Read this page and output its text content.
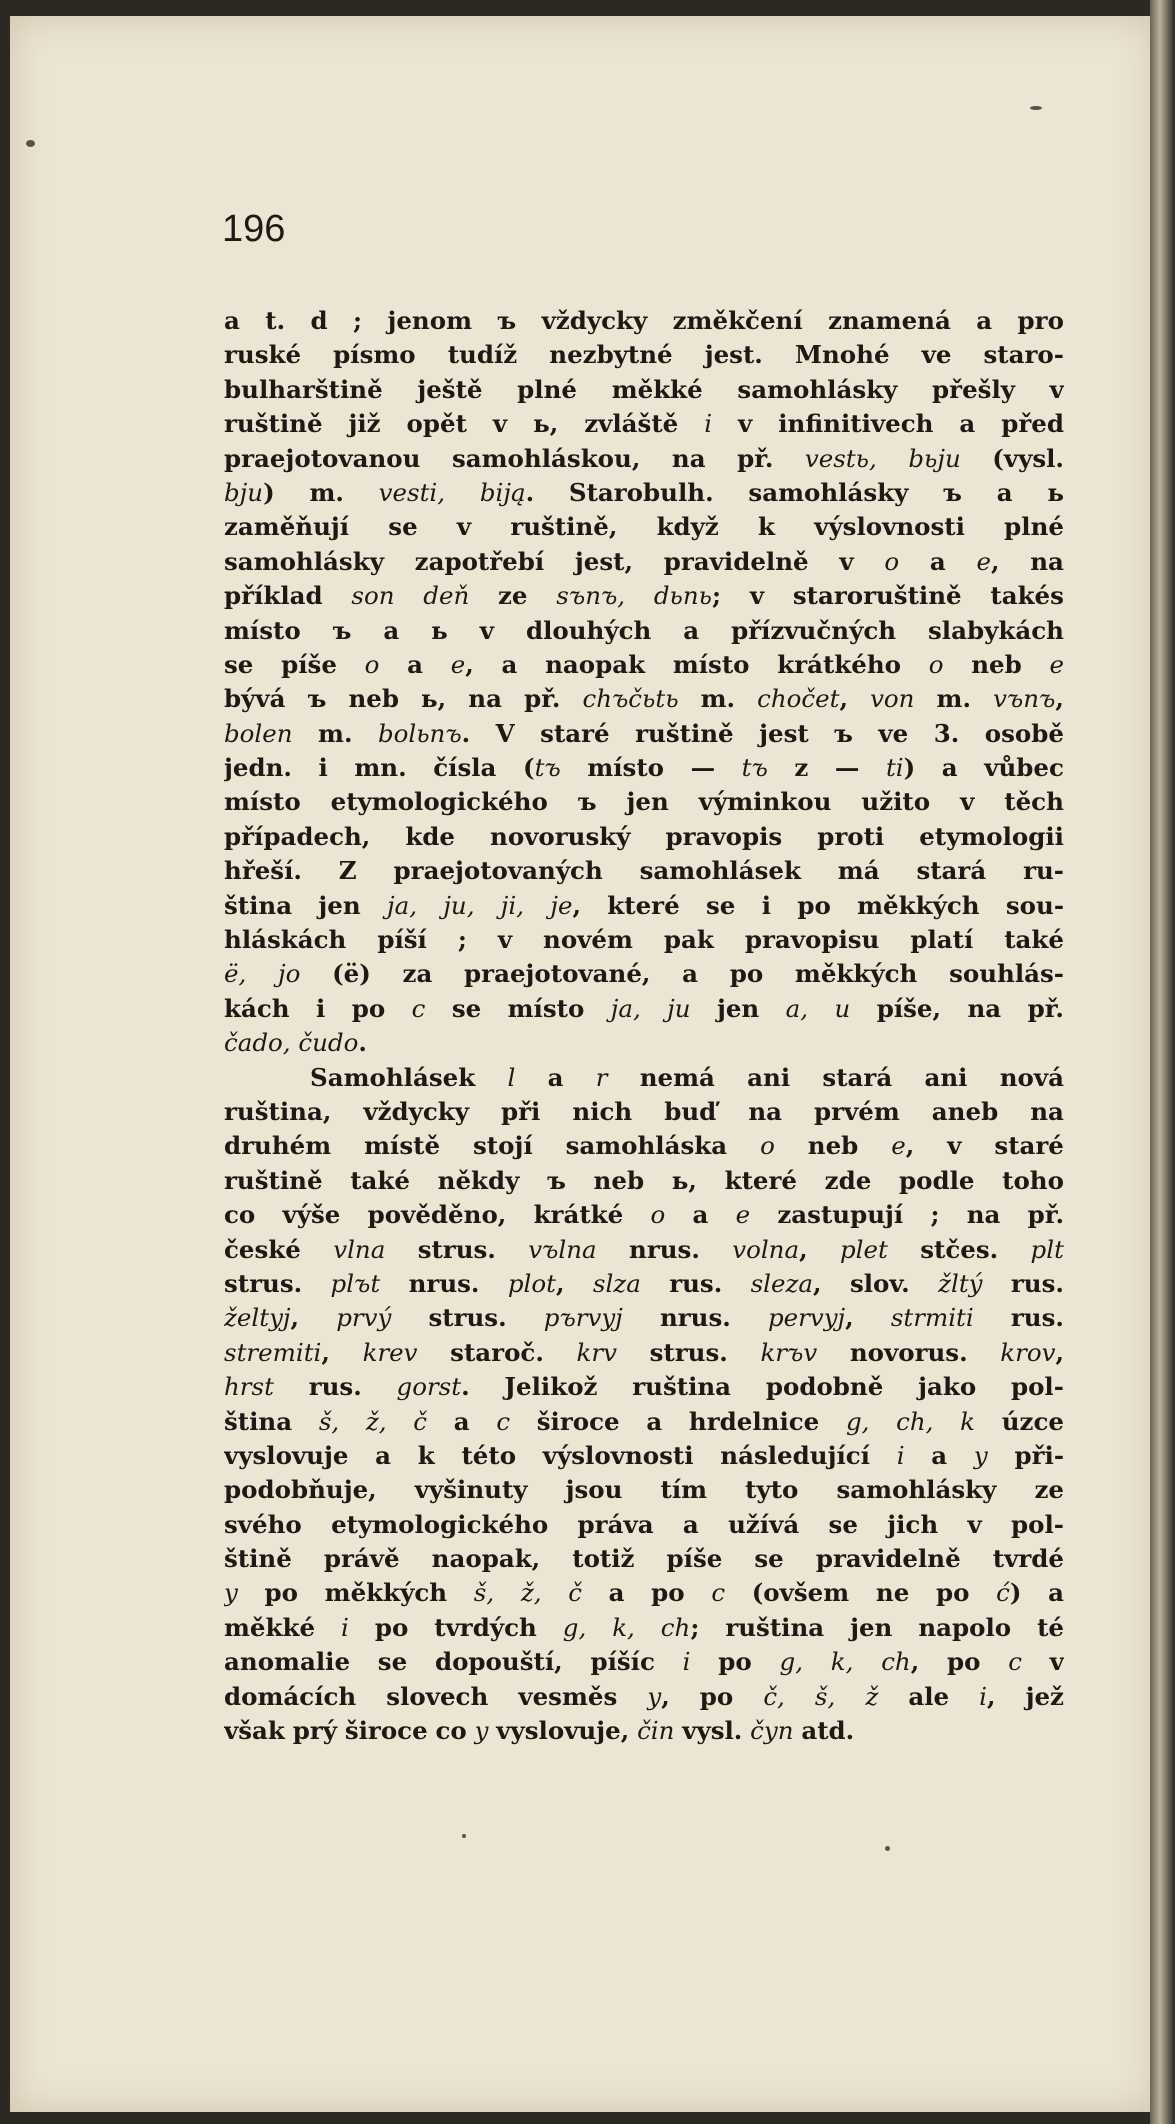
196
a t. d ; jenom ъ vždycky změkčení znamená a pro
ruské písmo tudíž nezbytné jest. Mnohé ve staro-
bulharštině ještě plné měkké samohlásky přešly v
ruštině již opět v ь, zvláště i v infinitivech a před
praejotovanou samohláskou, na př. vestь, bьju (vysl.
bju) m. vesti, biją. Starobulh. samohlásky ъ a ь
zaměňují se v ruštině, když k výslovnosti plné
samohlásky zapotřebí jest, pravidelně v o a e, na
příklad son deň ze sъnъ, dьnь; v staroruštině takés
místo ъ a ь v dlouhých a přízvučných slabykách
se píše o a e, a naopak místo krátkého o neb e
bývá ъ neb ь, na př. chъčьtь m. chočet, von m. vъnъ,
bolen m. bolьnъ. V staré ruštině jest ъ ve 3. osobě
jedn. i mn. čísla (tъ místo — tъ z — ti) a vůbec
místo etymologického ъ jen výminkou užito v těch
případech, kde novoruský pravopis proti etymologii
hřeší. Z praejotovaných samohlásek má stará ru-
ština jen ja, ju, ji, je, které se i po měkkých sou-
hláskách píší ; v novém pak pravopisu platí také
ё, jo (ë) za praejotované, a po měkkých souhlás-
kách i po c se místo ja, ju jen a, u píše, na př.
čado, čudo.
Samohlásek l a r nemá ani stará ani nová
ruština, vždycky při nich buď na prvém aneb na
druhém místě stojí samohláska o neb e, v staré
ruštině také někdy ъ neb ь, které zde podle toho
co výše pověděno, krátké o a e zastupují ; na př.
české vlna strus. vъlna nrus. volna, plet stčes. plt
strus. plъt nrus. plot, slza rus. sleza, slov. žltý rus.
želtyj, prvý strus. pъrvyj nrus. pervyj, strmiti rus.
stremiti, krev staroč. krv strus. krъv novorus. krov,
hrst rus. gorst. Jelikož ruština podobně jako pol-
ština š, ž, č a c široce a hrdelnice g, ch, k úzce
vyslovuje a k této výslovnosti následující i a y při-
podobňuje, vyšinuty jsou tím tyto samohlásky ze
svého etymologického práva a užívá se jich v pol-
štině právě naopak, totiž píše se pravidelně tvrdé
y po měkkých š, ž, č a po c (ovšem ne po ć) a
měkké i po tvrdých g, k, ch; ruština jen napolo té
anomalie se dopouští, píšíc i po g, k, ch, po c v
domácích slovech vesměs y, po č, š, ž ale i, jež
však prý široce co y vyslovuje, čin vysl. čyn atd.
